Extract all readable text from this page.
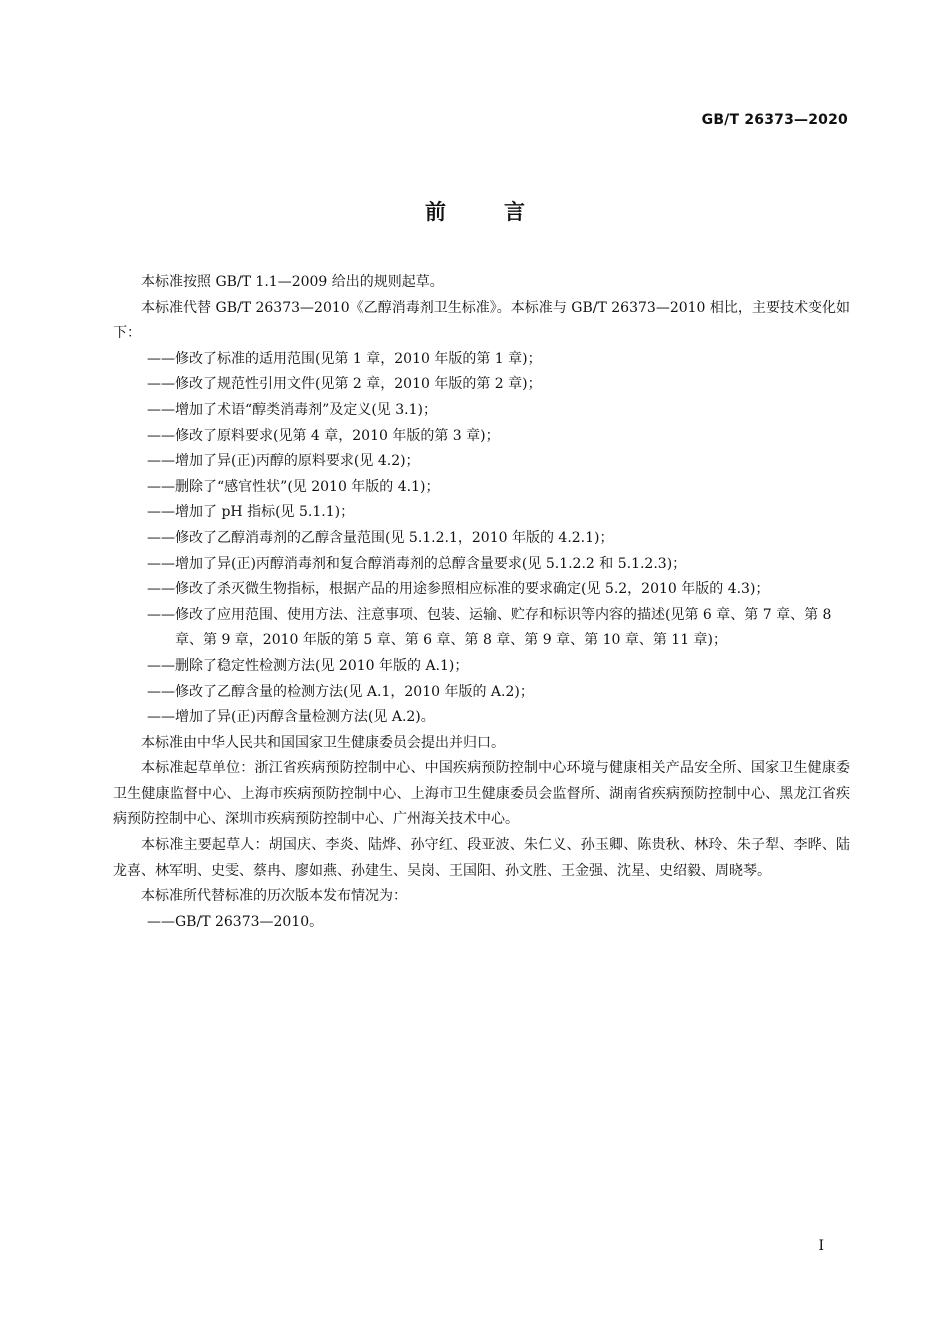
GB/T 26373—2020
前言

本标准按照 GB/T 1.1—2009 给出的规则起草。

本标准代替 GB/T 26373—2010《乙醇消毒剂卫生标准》。本标准与 GB/T 26373—2010 相比，主要技术变化如下：

——修改了标准的适用范围(见第 1 章，2010 年版的第 1 章)；

——修改了规范性引用文件(见第 2 章，2010 年版的第 2 章)；

——增加了术语“醇类消毒剂”及定义(见 3.1)；

——修改了原料要求(见第 4 章，2010 年版的第 3 章)；

——增加了异(正)丙醇的原料要求(见 4.2)；

——删除了“感官性状”(见 2010 年版的 4.1)；

——增加了 pH 指标(见 5.1.1)；

——修改了乙醇消毒剂的乙醇含量范围(见 5.1.2.1，2010 年版的 4.2.1)；

——增加了异(正)丙醇消毒剂和复合醇消毒剂的总醇含量要求(见 5.1.2.2 和 5.1.2.3)；

——修改了杀灭微生物指标，根据产品的用途参照相应标准的要求确定(见 5.2，2010 年版的 4.3)；

——修改了应用范围、使用方法、注意事项、包装、运输、贮存和标识等内容的描述(见第 6 章、第 7 章、第 8 章、第 9 章，2010 年版的第 5 章、第 6 章、第 8 章、第 9 章、第 10 章、第 11 章)；

——删除了稳定性检测方法(见 2010 年版的 A.1)；

——修改了乙醇含量的检测方法(见 A.1，2010 年版的 A.2)；

——增加了异(正)丙醇含量检测方法(见 A.2)。

本标准由中华人民共和国国家卫生健康委员会提出并归口。

本标准起草单位：浙江省疾病预防控制中心、中国疾病预防控制中心环境与健康相关产品安全所、国家卫生健康委卫生健康监督中心、上海市疾病预防控制中心、上海市卫生健康委员会监督所、湖南省疾病预防控制中心、黑龙江省疾病预防控制中心、深圳市疾病预防控制中心、广州海关技术中心。

本标准主要起草人：胡国庆、李炎、陆烨、孙守红、段亚波、朱仁义、孙玉卿、陈贵秋、林玲、朱子犁、李晔、陆龙喜、林军明、史雯、蔡冉、廖如燕、孙建生、吴岗、王国阳、孙文胜、王金强、沈星、史绍毅、周晓琴。

本标准所代替标准的历次版本发布情况为：

——GB/T 26373—2010。

I
